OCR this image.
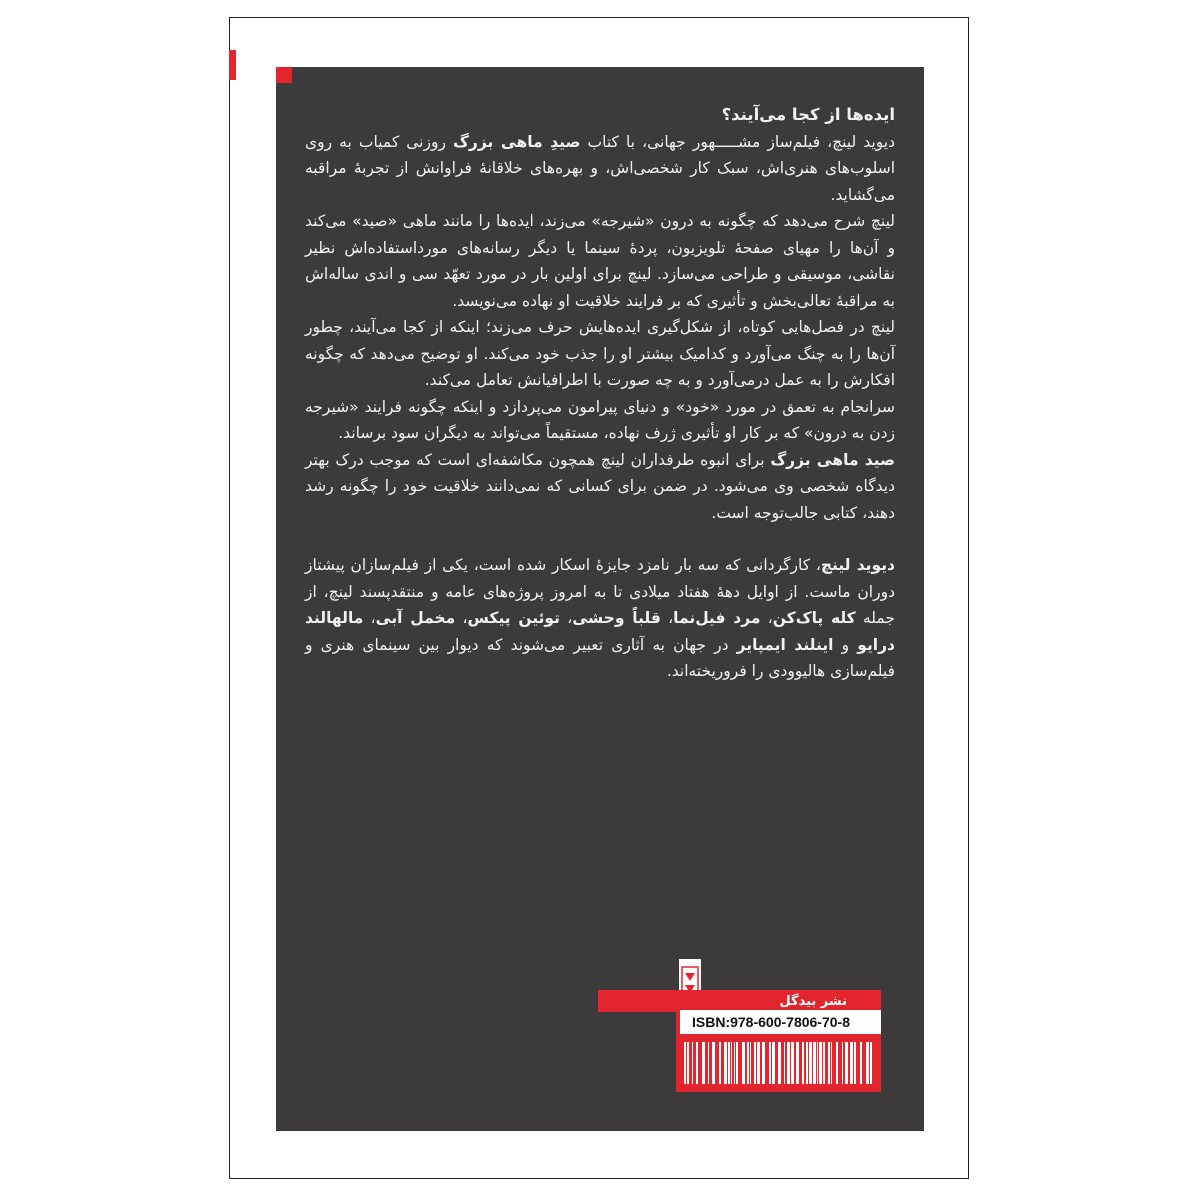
ایده‌ها از کجا می‌آیند؟

دیوید لینچ، فیلم‌ساز مشـــــهور جهانی، با کتاب صیدِ ماهی بزرگ روزنی کمیاب به روی اسلوب‌های هنری‌اش، سبک کار شخصی‌اش، و بهره‌های خلاقانهٔ فراوانش از تجربهٔ مراقبه می‌گشاید.

لینچ شرح می‌دهد که چگونه به درون «شیرجه» می‌زند، ایده‌ها را مانند ماهی «صید» می‌کند و آن‌ها را مهیای صفحهٔ تلویزیون، پردهٔ سینما یا دیگر رسانه‌های مورداستفاده‌اش نظیر نقاشی، موسیقی و طراحی می‌سازد. لینچ برای اولین بار در مورد تعهّد سی و اندی ساله‌اش به مراقبهٔ تعالی‌بخش و تأثیری که بر فرایند خلاقیت او نهاده می‌نویسد.

لینچ در فصل‌هایی کوتاه، از شکل‌گیری ایده‌هایش حرف می‌زند؛ اینکه از کجا می‌آیند، چطور آن‌ها را به چنگ می‌آورد و کدامیک بیشتر او را جذب خود می‌کند. او توضیح می‌دهد که چگونه افکارش را به عمل درمی‌آورد و به چه صورت با اطرافیانش تعامل می‌کند.

سرانجام به تعمق در مورد «خود» و دنیای پیرامون می‌پردازد و اینکه چگونه فرایند «شیرجه زدن به درون» که بر کار او تأثیری ژرف نهاده، مستقیماً می‌تواند به دیگران سود برساند.

صید ماهی بزرگ برای انبوه طرفداران لینچ همچون مکاشفه‌ای است که موجب درک بهتر دیدگاه شخصی وی می‌شود. در ضمن برای کسانی که نمی‌دانند خلاقیت خود را چگونه رشد دهند، کتابی جالب‌توجه است.

دیوید لینچ، کارگردانی که سه بار نامزد جایزهٔ اسکار شده است، یکی از فیلم‌سازان پیشتاز دوران ماست. از اوایل دههٔ هفتاد میلادی تا به امروز پروژه‌های عامه و منتقدپسند لینچ، از جمله کله پاک‌کن، مرد فیل‌نما، قلباً وحشی، توئین پیکس، مخمل آبی، مالهالند درایو و اینلند ایمپایر در جهان به آثاری تعبیر می‌شوند که دیوار بین سینمای هنری و فیلم‌سازی هالیوودی را فروریخته‌اند.

نشر بیدگل
ISBN:978-600-7806-70-8
